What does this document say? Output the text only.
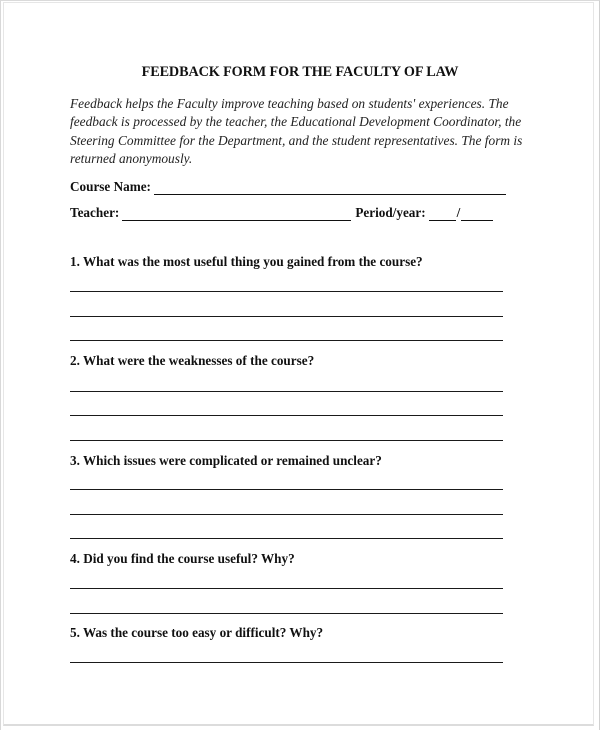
FEEDBACK FORM FOR THE FACULTY OF LAW

Feedback helps the Faculty improve teaching based on students' experiences. The
feedback is processed by the teacher, the Educational Development Coordinator, the
Steering Committee for the Department, and the student representatives. The form is
returned anonymously.

Course Name:
Teacher:	Period/year: /

1. What was the most useful thing you gained from the course?

2. What were the weaknesses of the course?

3. Which issues were complicated or remained unclear?

4. Did you find the course useful? Why?

5. Was the course too easy or difficult? Why?
